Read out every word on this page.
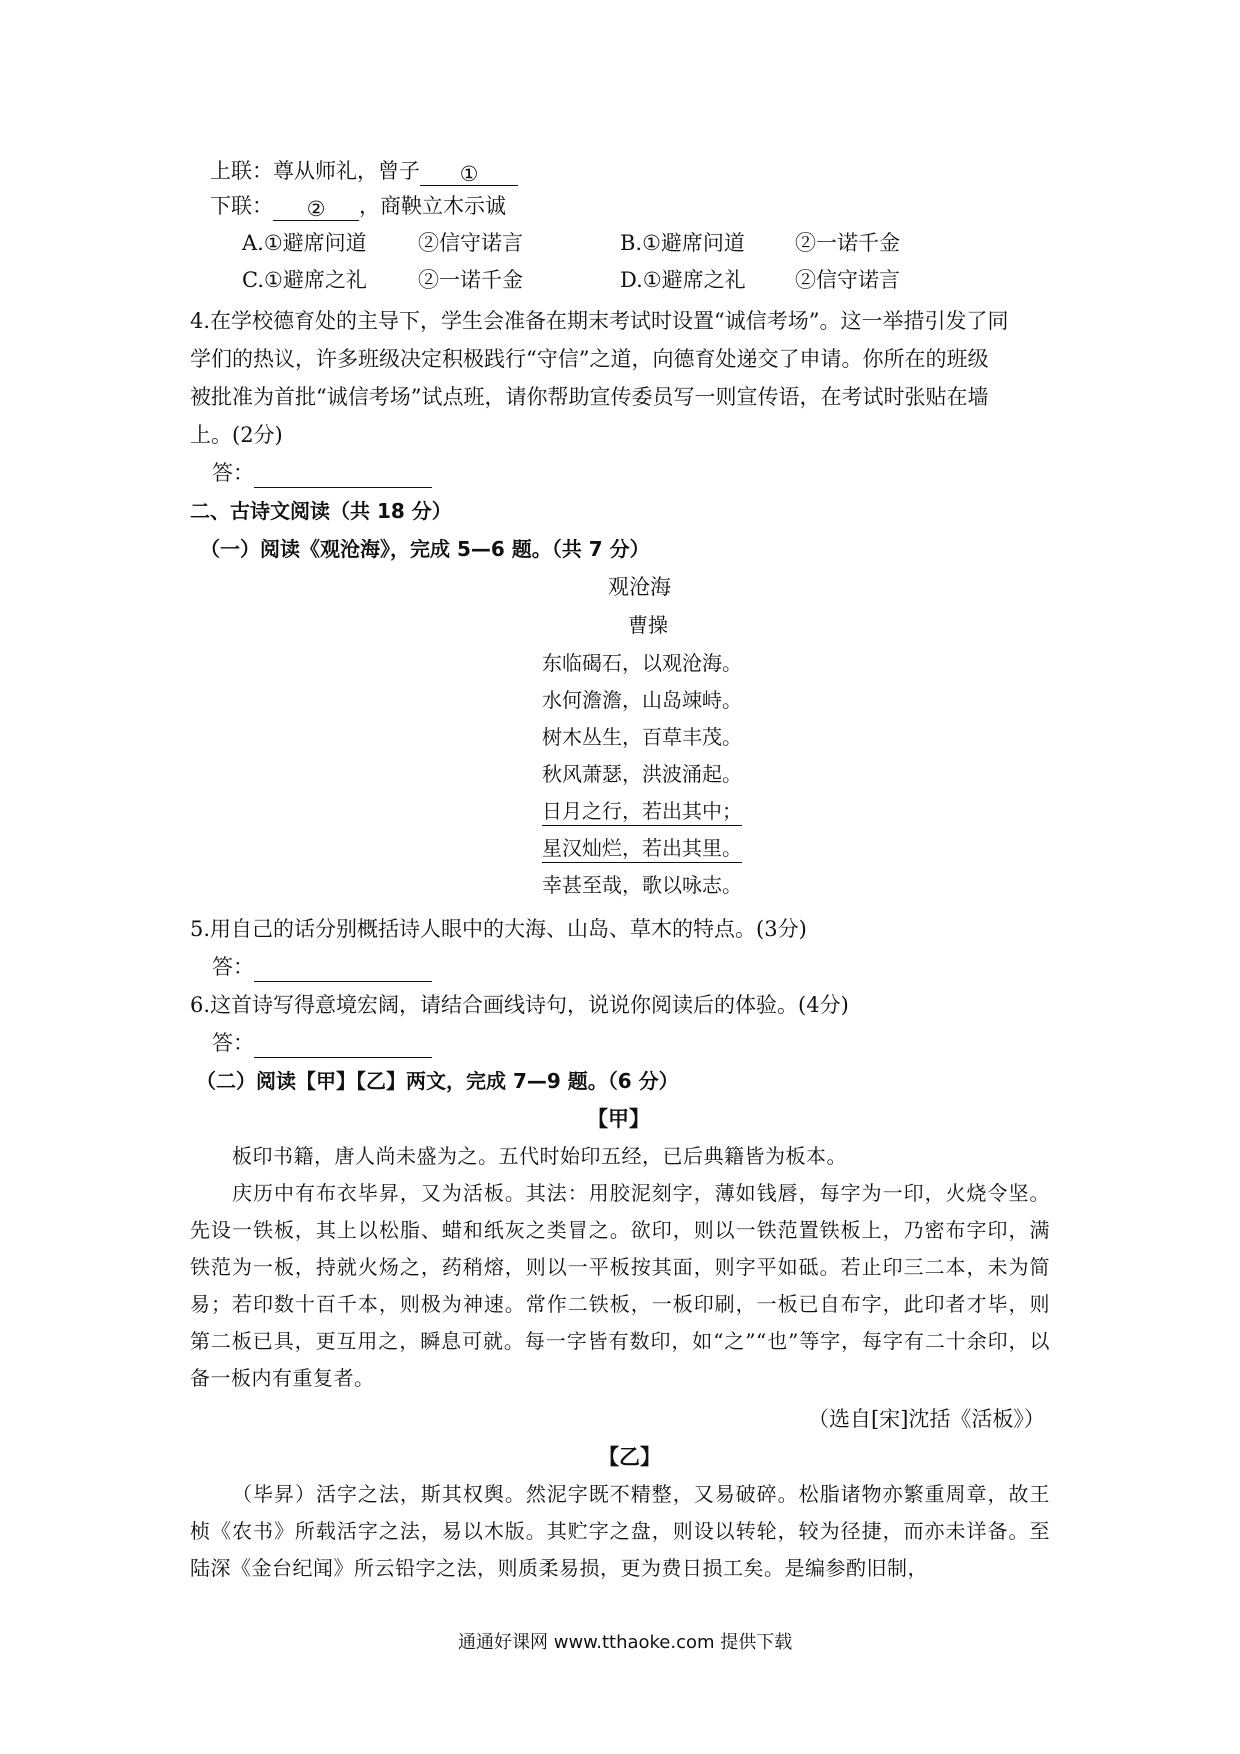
上联：尊从师礼，曾子 ①
下联： ② ，商鞅立木示诚
A.①避席问道 ②信守诺言	B.①避席问道 ②一诺千金
C.①避席之礼 ②一诺千金	D.①避席之礼 ②信守诺言
4.在学校德育处的主导下，学生会准备在期末考试时设置“诚信考场”。这一举措引发了同
学们的热议，许多班级决定积极践行“守信”之道，向德育处递交了申请。你所在的班级
被批准为首批“诚信考场”试点班，请你帮助宣传委员写一则宣传语，在考试时张贴在墙
上。(2分)
答：
二、古诗文阅读（共 18 分）
（一）阅读《观沧海》，完成 5—6 题。（共 7 分）
观沧海
曹操
东临碣石，以观沧海。
水何澹澹，山岛竦峙。
树木丛生，百草丰茂。
秋风萧瑟，洪波涌起。
日月之行，若出其中；
星汉灿烂，若出其里。
幸甚至哉，歌以咏志。
5.用自己的话分别概括诗人眼中的大海、山岛、草木的特点。(3分)
答：
6.这首诗写得意境宏阔，请结合画线诗句，说说你阅读后的体验。(4分)
答：
（二）阅读【甲】【乙】两文，完成 7—9 题。（6 分）
【甲】
板印书籍，唐人尚未盛为之。五代时始印五经，已后典籍皆为板本。
庆历中有布衣毕昇，又为活板。其法：用胶泥刻字，薄如钱唇，每字为一印，火烧令坚。先设一铁板，其上以松脂、蜡和纸灰之类冒之。欲印，则以一铁范置铁板上，乃密布字印，满铁范为一板，持就火炀之，药稍熔，则以一平板按其面，则字平如砥。若止印三二本，未为简易；若印数十百千本，则极为神速。常作二铁板，一板印刷，一板已自布字，此印者才毕，则第二板已具，更互用之，瞬息可就。每一字皆有数印，如“之”“也”等字，每字有二十余印，以备一板内有重复者。
（选自[宋]沈括《活板》）
【乙】
（毕昇）活字之法，斯其权舆。然泥字既不精整，又易破碎。松脂诸物亦繁重周章，故王桢《农书》所载活字之法，易以木版。其贮字之盘，则设以转轮，较为径捷，而亦未详备。至陆深《金台纪闻》所云铅字之法，则质柔易损，更为费日损工矣。是编参酌旧制，
通通好课网 www.tthaoke.com 提供下载
